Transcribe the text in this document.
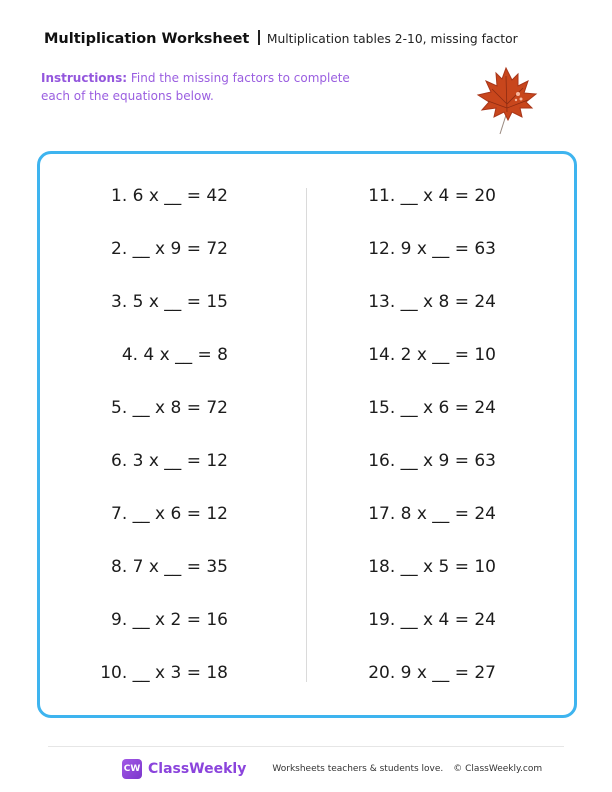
Multiplication Worksheet Multiplication tables 2-10, missing factor
Instructions: Find the missing factors to complete each of the equations below.
1. 6 x __ = 42
2. __ x 9 = 72
3. 5 x __ = 15
4. 4 x __ = 8
5. __ x 8 = 72
6. 3 x __ = 12
7. __ x 6 = 12
8. 7 x __ = 35
9. __ x 2 = 16
10. __ x 3 = 18
11. __ x 4 = 20
12. 9 x __ = 63
13. __ x 8 = 24
14. 2 x __ = 10
15. __ x 6 = 24
16. __ x 9 = 63
17. 8 x __ = 24
18. __ x 5 = 10
19. __ x 4 = 24
20. 9 x __ = 27
CW ClassWeekly	Worksheets teachers & students love. © ClassWeekly.com
